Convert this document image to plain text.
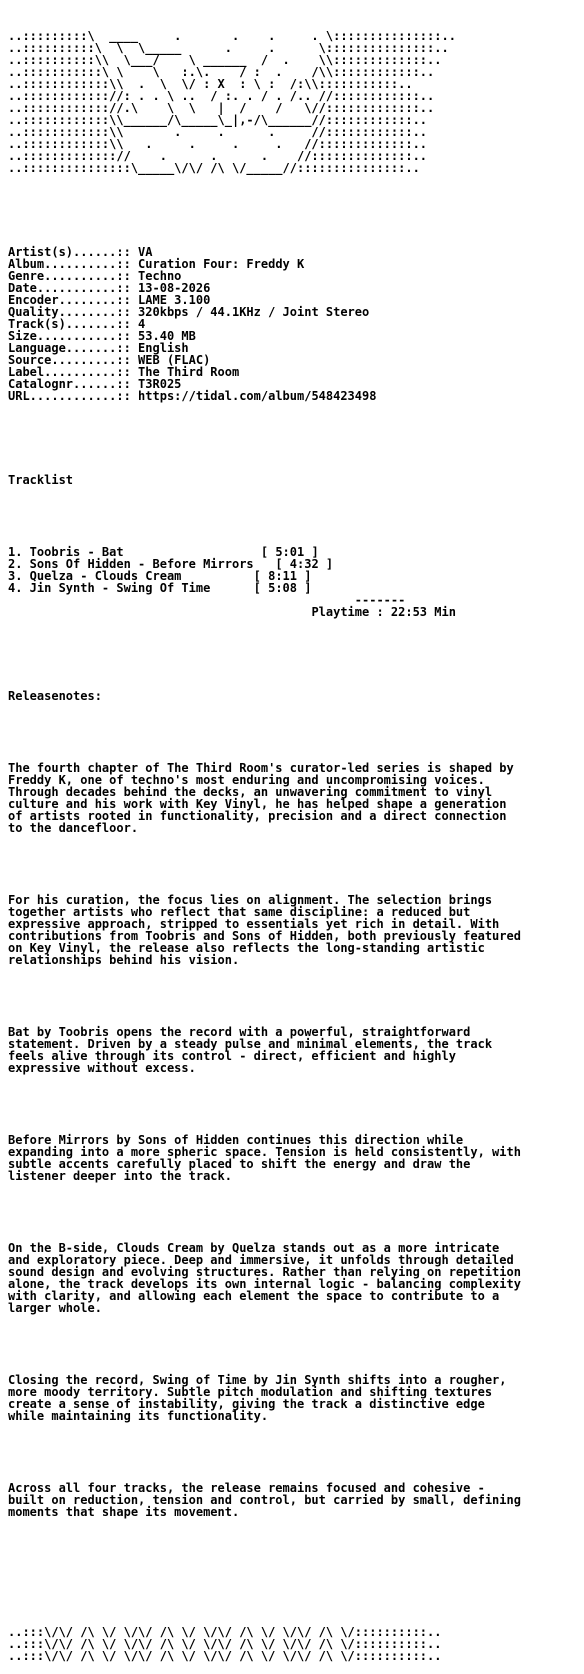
..:::::::::\  ____     .       .    .     . \:::::::::::::::..
..::::::::::\  \  \_____      .     .      \:::::::::::::::..
..::::::::::\\  \___/    \ ______  /  .    \\:::::::::::::..
..:::::::::::\ \    \   :.\.    / :  .    /\\::::::::::::..
..::::::::::::\\  .  \  \/ : X  : \ :  /:\\:::::::::::..
..:::::::::::://: . . \ ..  / :. . / . /.. //::::::::::::..
..:::::::::::://.\    \  \   |  /    /   \//:::::::::::::..
..::::::::::::\\______/\_____\_|,-/\______//::::::::::::..
..::::::::::::\\       .     .      .     //::::::::::::..
..::::::::::::\\   .     .     .     .   //:::::::::::::..
..::::::::::::://    .      .      .    //::::::::::::::..
..:::::::::::::::\_____\/\/ /\ \/_____//:::::::::::::::..

Artist(s)......:: VA
Album..........:: Curation Four: Freddy K
Genre..........:: Techno
Date...........:: 13-08-2026
Encoder........:: LAME 3.100
Quality........:: 320kbps / 44.1KHz / Joint Stereo
Track(s).......:: 4
Size...........:: 53.40 MB
Language.......:: English
Source.........:: WEB (FLAC)
Label..........:: The Third Room
Catalognr......:: T3R025
URL............:: https://tidal.com/album/548423498

Tracklist

1. Toobris - Bat	[ 5:01 ]
2. Sons Of Hidden - Before Mirrors [ 4:32 ]
3. Quelza - Clouds Cream	[ 8:11 ]
4. Jin Synth - Swing Of Time	[ 5:08 ]
-------
Playtime : 22:53 Min

Releasenotes:

The fourth chapter of The Third Room's curator-led series is shaped by
Freddy K, one of techno's most enduring and uncompromising voices.
Through decades behind the decks, an unwavering commitment to vinyl
culture and his work with Key Vinyl, he has helped shape a generation
of artists rooted in functionality, precision and a direct connection
to the dancefloor.

For his curation, the focus lies on alignment. The selection brings
together artists who reflect that same discipline: a reduced but
expressive approach, stripped to essentials yet rich in detail. With
contributions from Toobris and Sons of Hidden, both previously featured
on Key Vinyl, the release also reflects the long-standing artistic
relationships behind his vision.

Bat by Toobris opens the record with a powerful, straightforward
statement. Driven by a steady pulse and minimal elements, the track
feels alive through its control - direct, efficient and highly
expressive without excess.

Before Mirrors by Sons of Hidden continues this direction while
expanding into a more spheric space. Tension is held consistently, with
subtle accents carefully placed to shift the energy and draw the
listener deeper into the track.

On the B-side, Clouds Cream by Quelza stands out as a more intricate
and exploratory piece. Deep and immersive, it unfolds through detailed
sound design and evolving structures. Rather than relying on repetition
alone, the track develops its own internal logic - balancing complexity
with clarity, and allowing each element the space to contribute to a
larger whole.

Closing the record, Swing of Time by Jin Synth shifts into a rougher,
more moody territory. Subtle pitch modulation and shifting textures
create a sense of instability, giving the track a distinctive edge
while maintaining its functionality.

Across all four tracks, the release remains focused and cohesive -
built on reduction, tension and control, but carried by small, defining
moments that shape its movement.

..:::\/\/ /\ \/ \/\/ /\ \/ \/\/ /\ \/ \/\/ /\ \/::::::::::..
..:::\/\/ /\ \/ \/\/ /\ \/ \/\/ /\ \/ \/\/ /\ \/::::::::::..
..:::\/\/ /\ \/ \/\/ /\ \/ \/\/ /\ \/ \/\/ /\ \/::::::::::..
